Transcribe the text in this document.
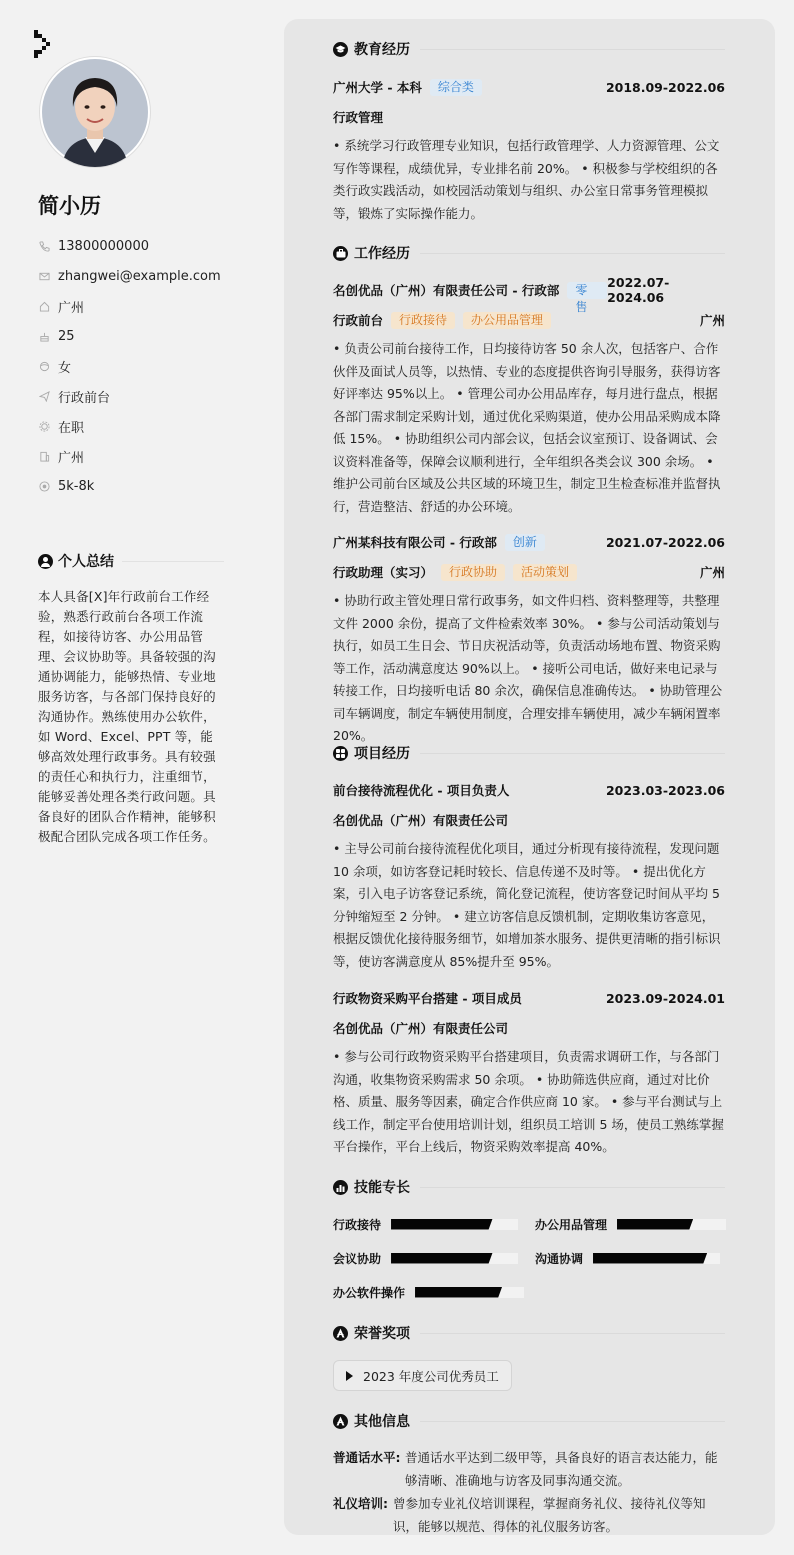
简小历
13800000000
zhangwei@example.com
广州
25
女
行政前台
在职
广州
5k-8k
个人总结
本人具备[X]年行政前台工作经验，熟悉行政前台各项工作流程，如接待访客、办公用品管理、会议协助等。具备较强的沟通协调能力，能够热情、专业地服务访客，与各部门保持良好的沟通协作。熟练使用办公软件，如 Word、Excel、PPT 等，能够高效处理行政事务。具有较强的责任心和执行力，注重细节，能够妥善处理各类行政问题。具备良好的团队合作精神，能够积极配合团队完成各项工作任务。
教育经历
广州大学 - 本科	综合类	2018.09-2022.06
行政管理
• 系统学习行政管理专业知识，包括行政管理学、人力资源管理、公文写作等课程，成绩优异，专业排名前 20%。 • 积极参与学校组织的各类行政实践活动，如校园活动策划与组织、办公室日常事务管理模拟等，锻炼了实际操作能力。
工作经历
名创优品（广州）有限责任公司 - 行政部	零售
2022.07-2024.06
行政前台	行政接待	办公用品管理	广州
• 负责公司前台接待工作，日均接待访客 50 余人次，包括客户、合作伙伴及面试人员等，以热情、专业的态度提供咨询引导服务，获得访客好评率达 95%以上。 • 管理公司办公用品库存，每月进行盘点，根据各部门需求制定采购计划，通过优化采购渠道，使办公用品采购成本降低 15%。 • 协助组织公司内部会议，包括会议室预订、设备调试、会议资料准备等，保障会议顺利进行，全年组织各类会议 300 余场。 • 维护公司前台区域及公共区域的环境卫生，制定卫生检查标准并监督执行，营造整洁、舒适的办公环境。
广州某科技有限公司 - 行政部	创新	2021.07-2022.06
行政助理（实习）	行政协助	活动策划	广州
• 协助行政主管处理日常行政事务，如文件归档、资料整理等，共整理文件 2000 余份，提高了文件检索效率 30%。 • 参与公司活动策划与执行，如员工生日会、节日庆祝活动等，负责活动场地布置、物资采购等工作，活动满意度达 90%以上。 • 接听公司电话，做好来电记录与转接工作，日均接听电话 80 余次，确保信息准确传达。 • 协助管理公司车辆调度，制定车辆使用制度，合理安排车辆使用，减少车辆闲置率 20%。
项目经历
前台接待流程优化 - 项目负责人	2023.03-2023.06
名创优品（广州）有限责任公司
• 主导公司前台接待流程优化项目，通过分析现有接待流程，发现问题 10 余项，如访客登记耗时较长、信息传递不及时等。 • 提出优化方案，引入电子访客登记系统，简化登记流程，使访客登记时间从平均 5 分钟缩短至 2 分钟。 • 建立访客信息反馈机制，定期收集访客意见，根据反馈优化接待服务细节，如增加茶水服务、提供更清晰的指引标识等，使访客满意度从 85%提升至 95%。
行政物资采购平台搭建 - 项目成员	2023.09-2024.01
名创优品（广州）有限责任公司
• 参与公司行政物资采购平台搭建项目，负责需求调研工作，与各部门沟通，收集物资采购需求 50 余项。 • 协助筛选供应商，通过对比价格、质量、服务等因素，确定合作供应商 10 家。 • 参与平台测试与上线工作，制定平台使用培训计划，组织员工培训 5 场，使员工熟练掌握平台操作，平台上线后，物资采购效率提高 40%。
技能专长
行政接待	办公用品管理
会议协助	沟通协调
办公软件操作
荣誉奖项
2023 年度公司优秀员工
其他信息
普通话水平: 普通话水平达到二级甲等，具备良好的语言表达能力，能够清晰、准确地与访客及同事沟通交流。
礼仪培训: 曾参加专业礼仪培训课程，掌握商务礼仪、接待礼仪等知识，能够以规范、得体的礼仪服务访客。
